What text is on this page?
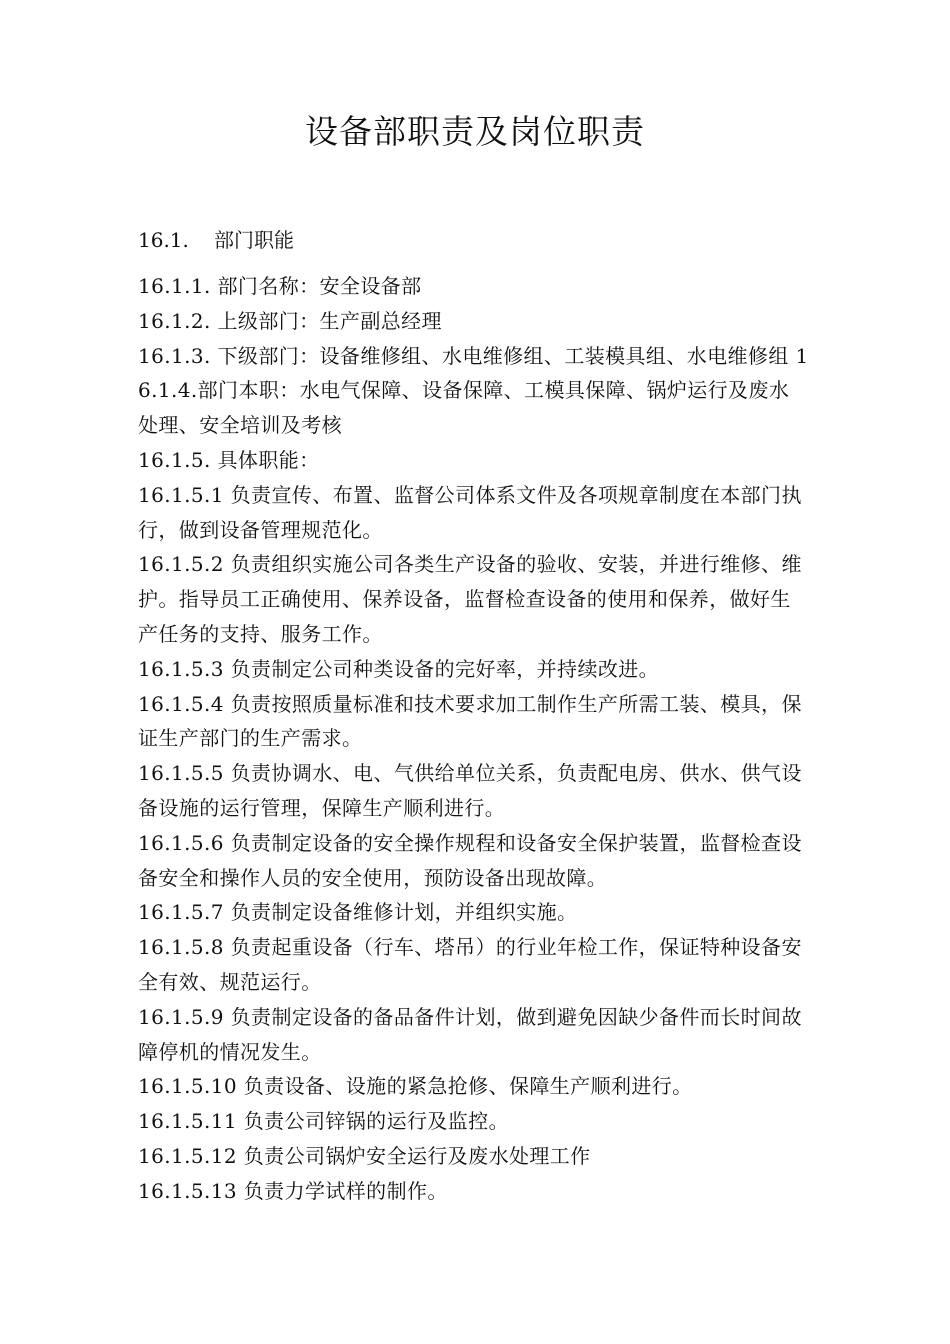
设备部职责及岗位职责
16.1. 部门职能
16.1.1. 部门名称：安全设备部
16.1.2. 上级部门：生产副总经理
16.1.3. 下级部门：设备维修组、水电维修组、工装模具组、水电维修组 1
6.1.4.部门本职：水电气保障、设备保障、工模具保障、锅炉运行及废水
处理、安全培训及考核
16.1.5. 具体职能：
16.1.5.1 负责宣传、布置、监督公司体系文件及各项规章制度在本部门执
行，做到设备管理规范化。
16.1.5.2 负责组织实施公司各类生产设备的验收、安装，并进行维修、维
护。指导员工正确使用、保养设备，监督检查设备的使用和保养，做好生
产任务的支持、服务工作。
16.1.5.3 负责制定公司种类设备的完好率，并持续改进。
16.1.5.4 负责按照质量标准和技术要求加工制作生产所需工装、模具，保
证生产部门的生产需求。
16.1.5.5 负责协调水、电、气供给单位关系，负责配电房、供水、供气设
备设施的运行管理，保障生产顺利进行。
16.1.5.6 负责制定设备的安全操作规程和设备安全保护装置，监督检查设
备安全和操作人员的安全使用，预防设备出现故障。
16.1.5.7 负责制定设备维修计划，并组织实施。
16.1.5.8 负责起重设备（行车、塔吊）的行业年检工作，保证特种设备安
全有效、规范运行。
16.1.5.9 负责制定设备的备品备件计划，做到避免因缺少备件而长时间故
障停机的情况发生。
16.1.5.10 负责设备、设施的紧急抢修、保障生产顺利进行。
16.1.5.11 负责公司锌锅的运行及监控。
16.1.5.12 负责公司锅炉安全运行及废水处理工作
16.1.5.13 负责力学试样的制作。
